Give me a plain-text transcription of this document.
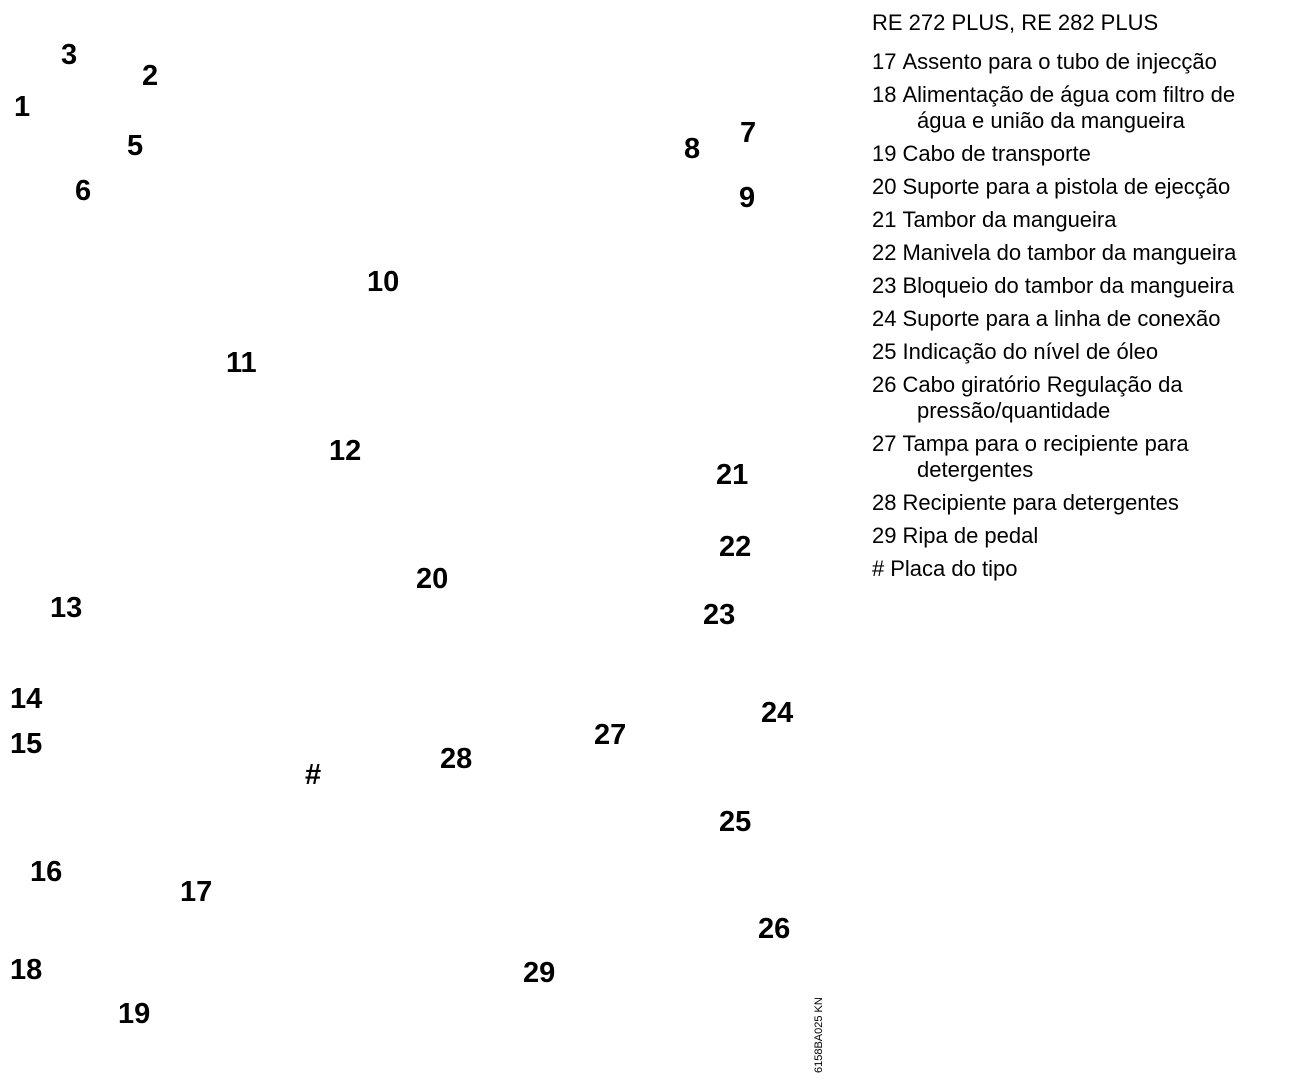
1
2
3
5
6
7
8
9
10
11
12
13
14
15
16
17
18
19
20
21
22
23
24
25
26
27
28
29
#
6158BA025 KN
RE 272 PLUS, RE 282 PLUS
17 Assento para o tubo de injecção
18 Alimentação de água com filtro de água e união da mangueira
19 Cabo de transporte
20 Suporte para a pistola de ejecção
21 Tambor da mangueira
22 Manivela do tambor da mangueira
23 Bloqueio do tambor da mangueira
24 Suporte para a linha de conexão
25 Indicação do nível de óleo
26 Cabo giratório Regulação da pressão/quantidade
27 Tampa para o recipiente para detergentes
28 Recipiente para detergentes
29 Ripa de pedal
# Placa do tipo
